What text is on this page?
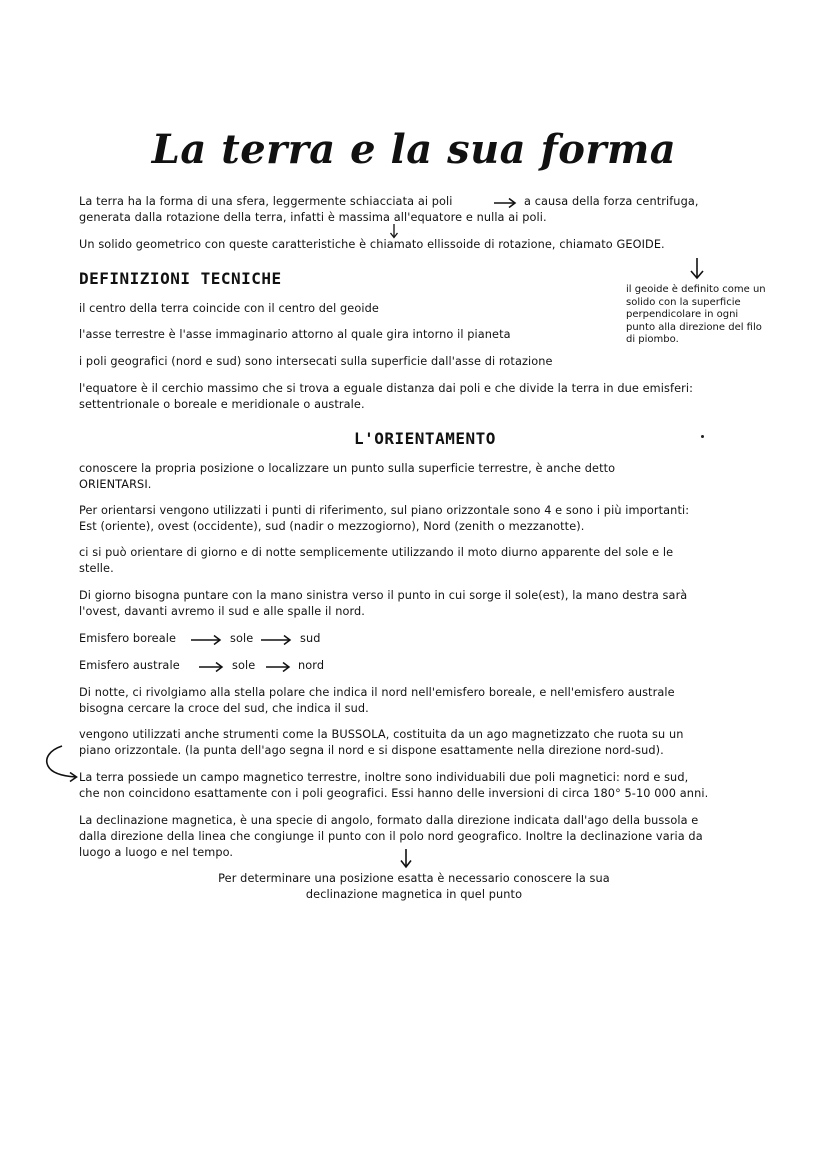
La terra e la sua forma
La terra ha la forma di una sfera, leggermente schiacciata ai poli	a causa della forza centrifuga,
generata dalla rotazione della terra, infatti è massima all'equatore e nulla ai poli.
Un solido geometrico con queste caratteristiche è chiamato ellissoide di rotazione, chiamato GEOIDE.
il geoide è definito come un
solido con la superficie
perpendicolare in ogni
punto alla direzione del filo
di piombo.
DEFINIZIONI TECNICHE
il centro della terra coincide con il centro del geoide
l'asse terrestre è l'asse immaginario attorno al quale gira intorno il pianeta
i poli geografici (nord e sud) sono intersecati sulla superficie dall'asse di rotazione
l'equatore è il cerchio massimo che si trova a eguale distanza dai poli e che divide la terra in due emisferi:
settentrionale o boreale e meridionale o australe.
L'ORIENTAMENTO
conoscere la propria posizione o localizzare un punto sulla superficie terrestre, è anche detto
ORIENTARSI.
Per orientarsi vengono utilizzati i punti di riferimento, sul piano orizzontale sono 4 e sono i più importanti:
Est (oriente), ovest (occidente), sud (nadir o mezzogiorno), Nord (zenith o mezzanotte).
ci si può orientare di giorno e di notte semplicemente utilizzando il moto diurno apparente del sole e le
stelle.
Di giorno bisogna puntare con la mano sinistra verso il punto in cui sorge il sole(est), la mano destra sarà
l'ovest, davanti avremo il sud e alle spalle il nord.
Emisfero boreale	sole	sud
Emisfero australe	sole	nord
Di notte, ci rivolgiamo alla stella polare che indica il nord nell'emisfero boreale, e nell'emisfero australe
bisogna cercare la croce del sud, che indica il sud.
vengono utilizzati anche strumenti come la BUSSOLA, costituita da un ago magnetizzato che ruota su un
piano orizzontale. (la punta dell'ago segna il nord e si dispone esattamente nella direzione nord-sud).
La terra possiede un campo magnetico terrestre, inoltre sono individuabili due poli magnetici: nord e sud,
che non coincidono esattamente con i poli geografici. Essi hanno delle inversioni di circa 180° 5-10 000 anni.
La declinazione magnetica, è una specie di angolo, formato dalla direzione indicata dall'ago della bussola e
dalla direzione della linea che congiunge il punto con il polo nord geografico. Inoltre la declinazione varia da
luogo a luogo e nel tempo.
Per determinare una posizione esatta è necessario conoscere la sua
declinazione magnetica in quel punto
